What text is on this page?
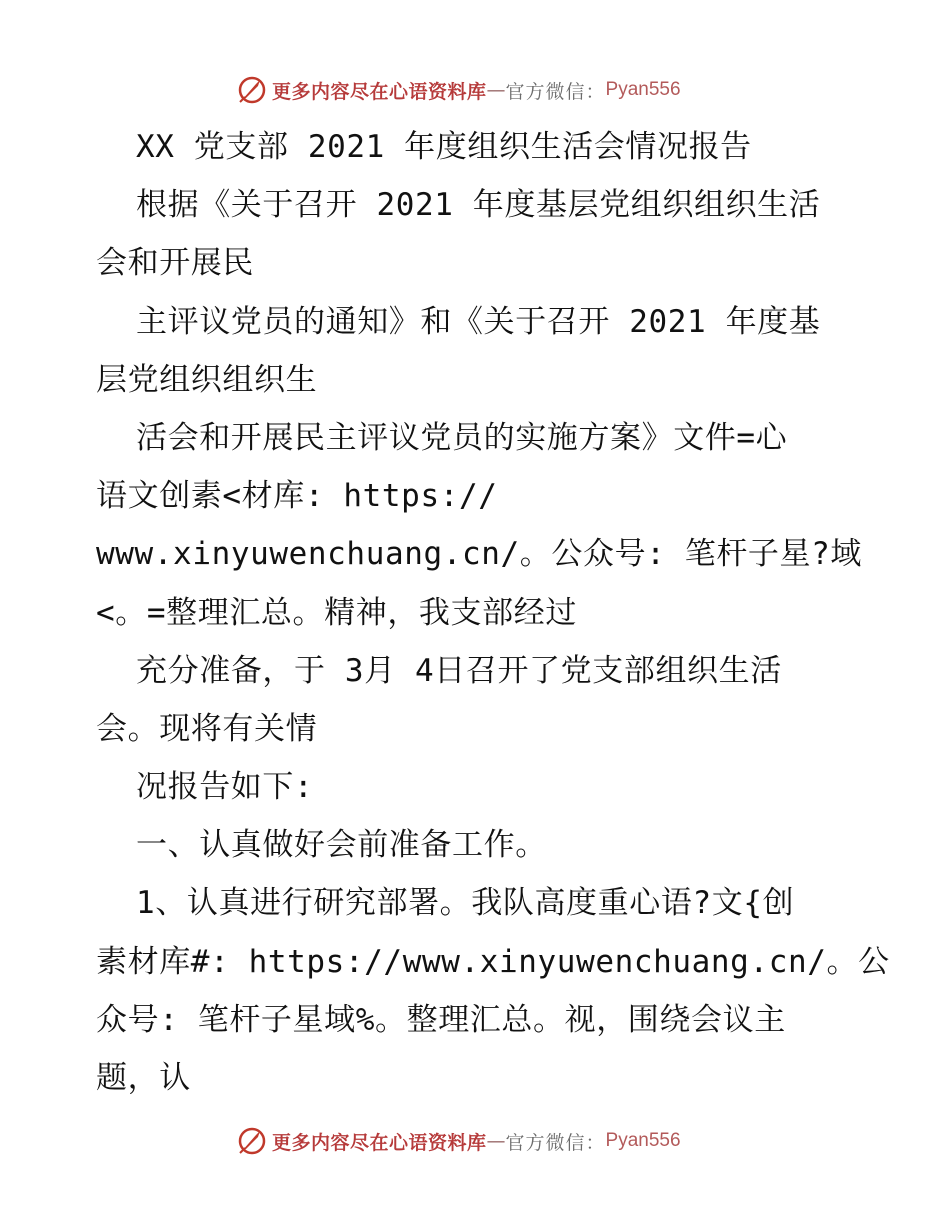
更多内容尽在心语资料库 — 官方微信： Pyan556
XX 党支部 2021 年度组织生活会情况报告
根据《关于召开 2021 年度基层党组织组织生活
会和开展民
主评议党员的通知》和《关于召开 2021 年度基
层党组织组织生
活会和开展民主评议党员的实施方案》文件=心
语文创素<材库: https://
www.xinyuwenchuang.cn/。公众号: 笔杆子星?域
<。=整理汇总。精神，我支部经过
充分准备，于 3月 4日召开了党支部组织生活
会。现将有关情
况报告如下:
一、认真做好会前准备工作。
1、认真进行研究部署。我队高度重心语?文{创
素材库#: https://www.xinyuwenchuang.cn/。公
众号: 笔杆子星域%。整理汇总。视，围绕会议主
题，认
更多内容尽在心语资料库 — 官方微信： Pyan556
